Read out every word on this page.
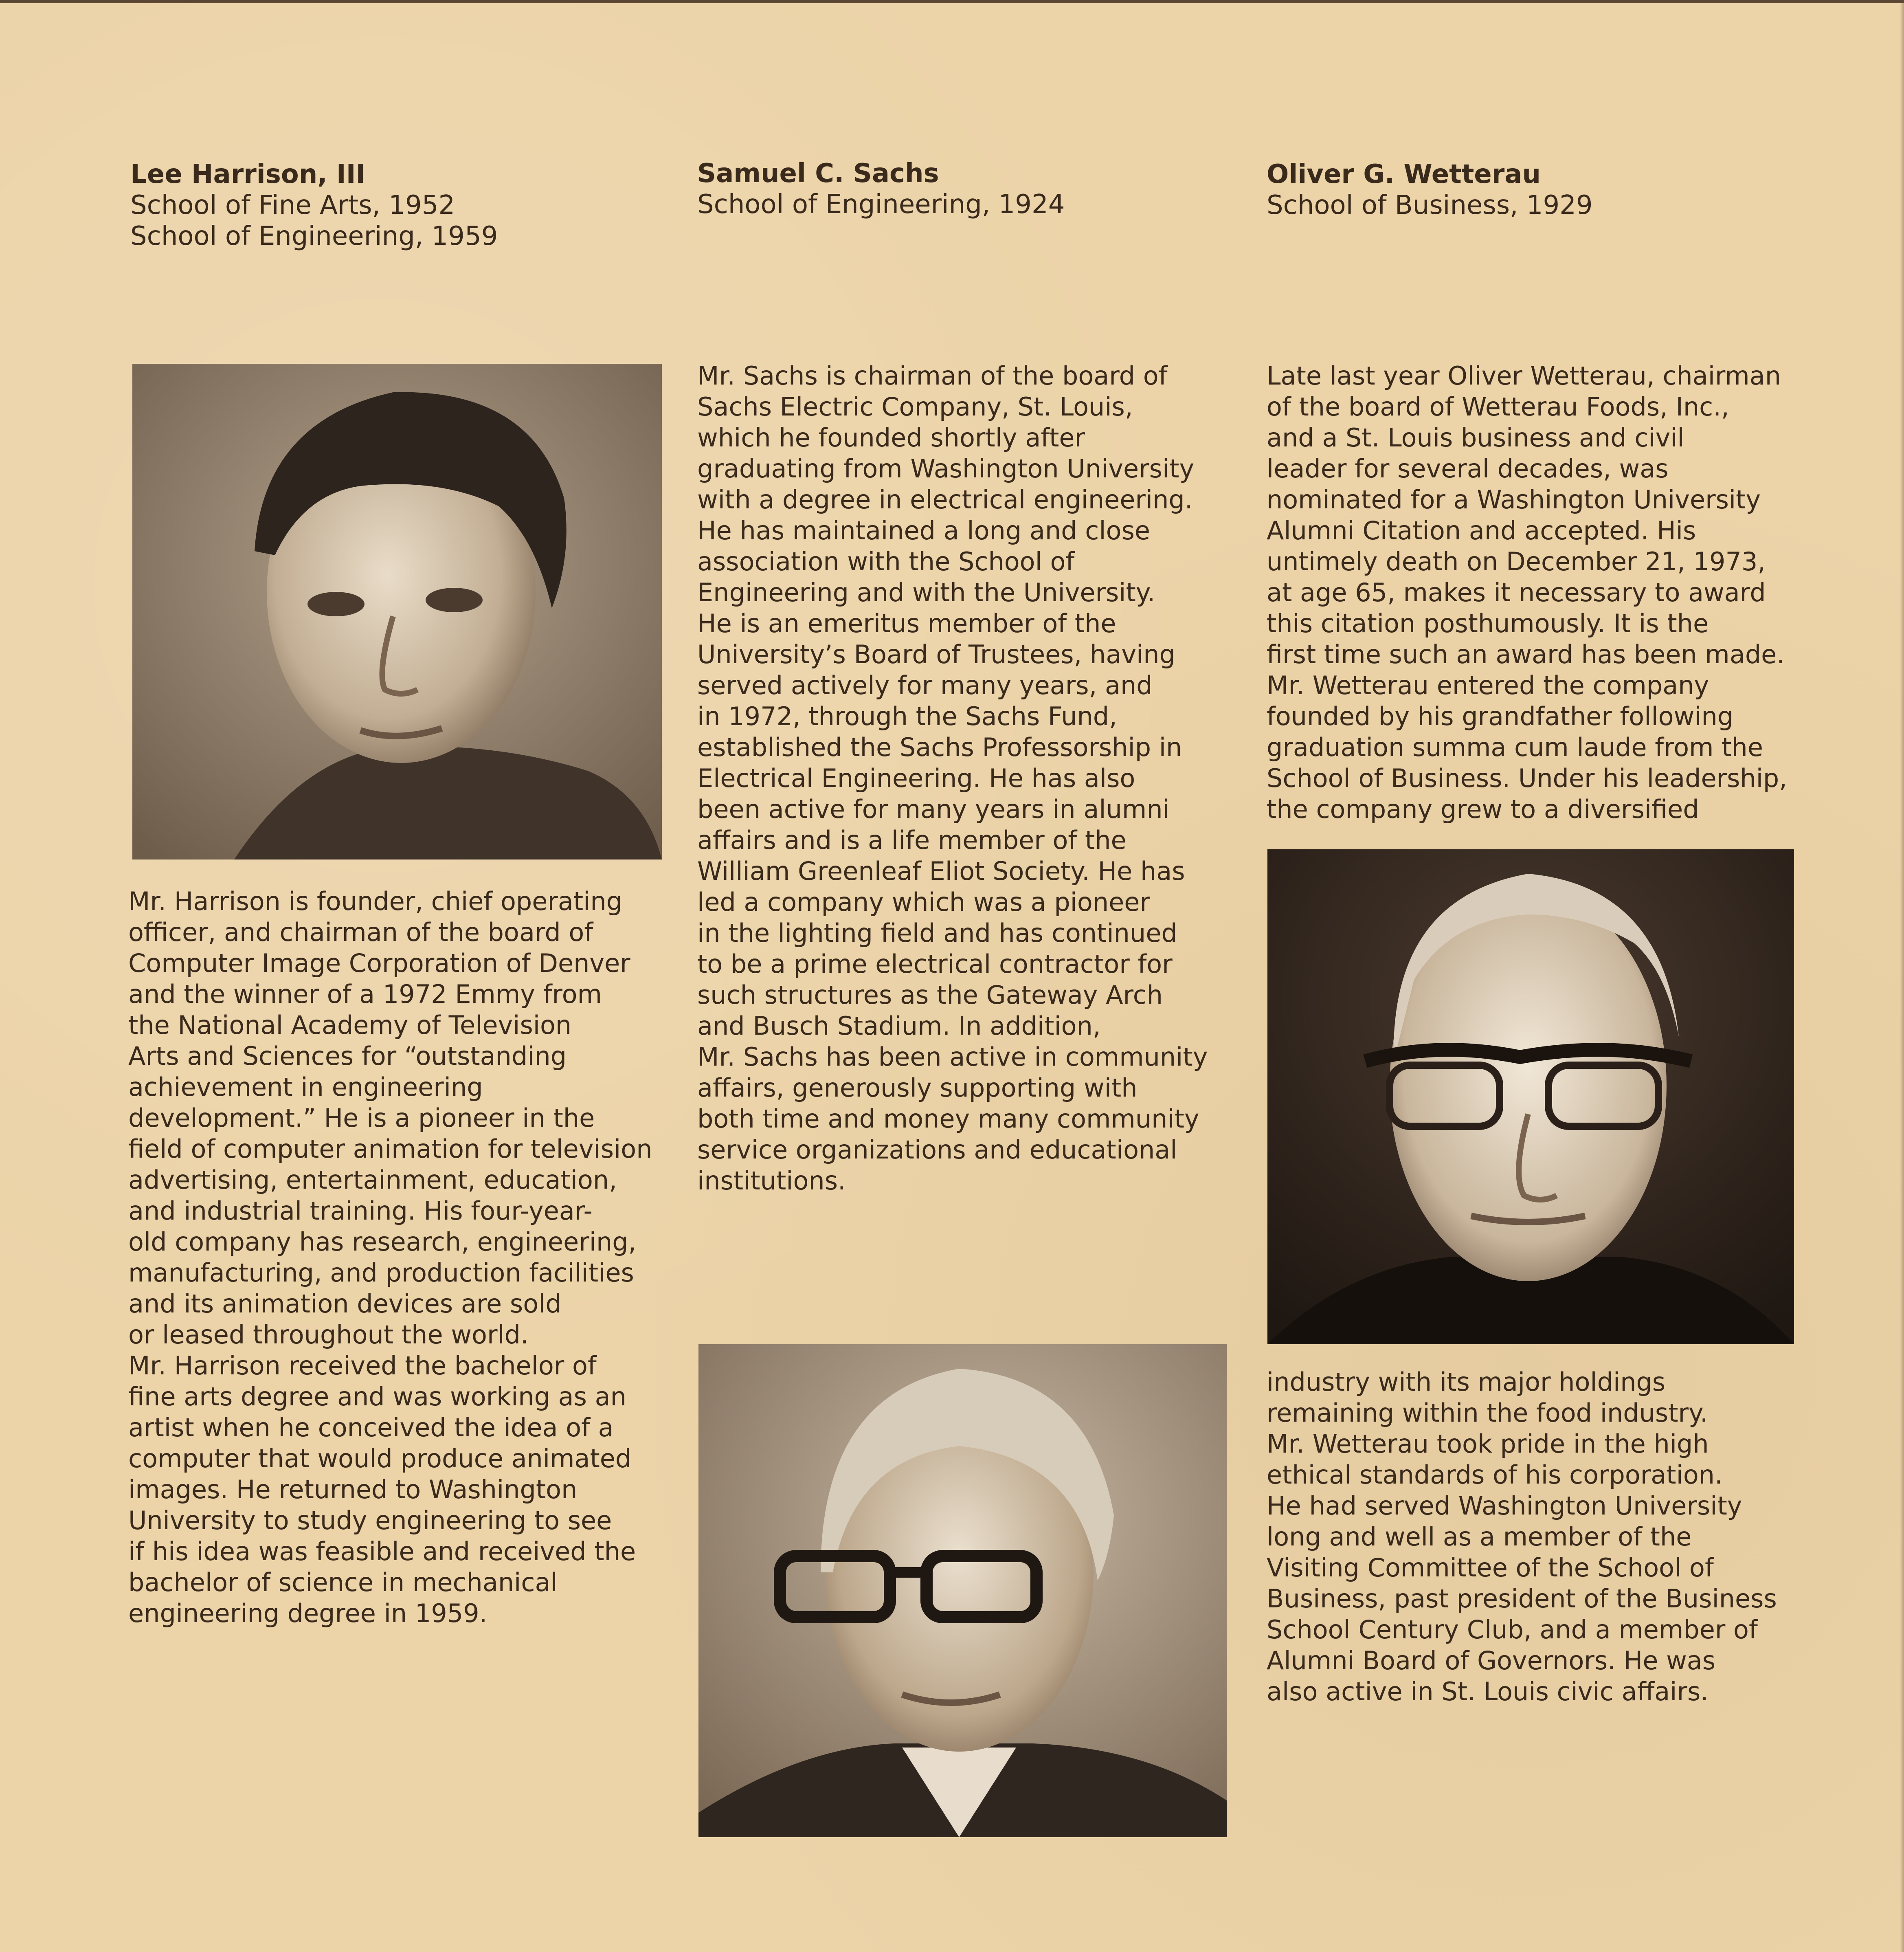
Lee Harrison, III
School of Fine Arts, 1952
School of Engineering, 1959
Mr. Harrison is founder, chief operating
officer, and chairman of the board of
Computer Image Corporation of Denver
and the winner of a 1972 Emmy from
the National Academy of Television
Arts and Sciences for “outstanding
achievement in engineering
development.” He is a pioneer in the
field of computer animation for television
advertising, entertainment, education,
and industrial training. His four-year-
old company has research, engineering,
manufacturing, and production facilities
and its animation devices are sold
or leased throughout the world.
Mr. Harrison received the bachelor of
fine arts degree and was working as an
artist when he conceived the idea of a
computer that would produce animated
images. He returned to Washington
University to study engineering to see
if his idea was feasible and received the
bachelor of science in mechanical
engineering degree in 1959.
Samuel C. Sachs
School of Engineering, 1924
Mr. Sachs is chairman of the board of
Sachs Electric Company, St. Louis,
which he founded shortly after
graduating from Washington University
with a degree in electrical engineering.
He has maintained a long and close
association with the School of
Engineering and with the University.
He is an emeritus member of the
University’s Board of Trustees, having
served actively for many years, and
in 1972, through the Sachs Fund,
established the Sachs Professorship in
Electrical Engineering. He has also
been active for many years in alumni
affairs and is a life member of the
William Greenleaf Eliot Society. He has
led a company which was a pioneer
in the lighting field and has continued
to be a prime electrical contractor for
such structures as the Gateway Arch
and Busch Stadium. In addition,
Mr. Sachs has been active in community
affairs, generously supporting with
both time and money many community
service organizations and educational
institutions.
Oliver G. Wetterau
School of Business, 1929
Late last year Oliver Wetterau, chairman
of the board of Wetterau Foods, Inc.,
and a St. Louis business and civil
leader for several decades, was
nominated for a Washington University
Alumni Citation and accepted. His
untimely death on December 21, 1973,
at age 65, makes it necessary to award
this citation posthumously. It is the
first time such an award has been made.
Mr. Wetterau entered the company
founded by his grandfather following
graduation summa cum laude from the
School of Business. Under his leadership,
the company grew to a diversified
industry with its major holdings
remaining within the food industry.
Mr. Wetterau took pride in the high
ethical standards of his corporation.
He had served Washington University
long and well as a member of the
Visiting Committee of the School of
Business, past president of the Business
School Century Club, and a member of
Alumni Board of Governors. He was
also active in St. Louis civic affairs.
